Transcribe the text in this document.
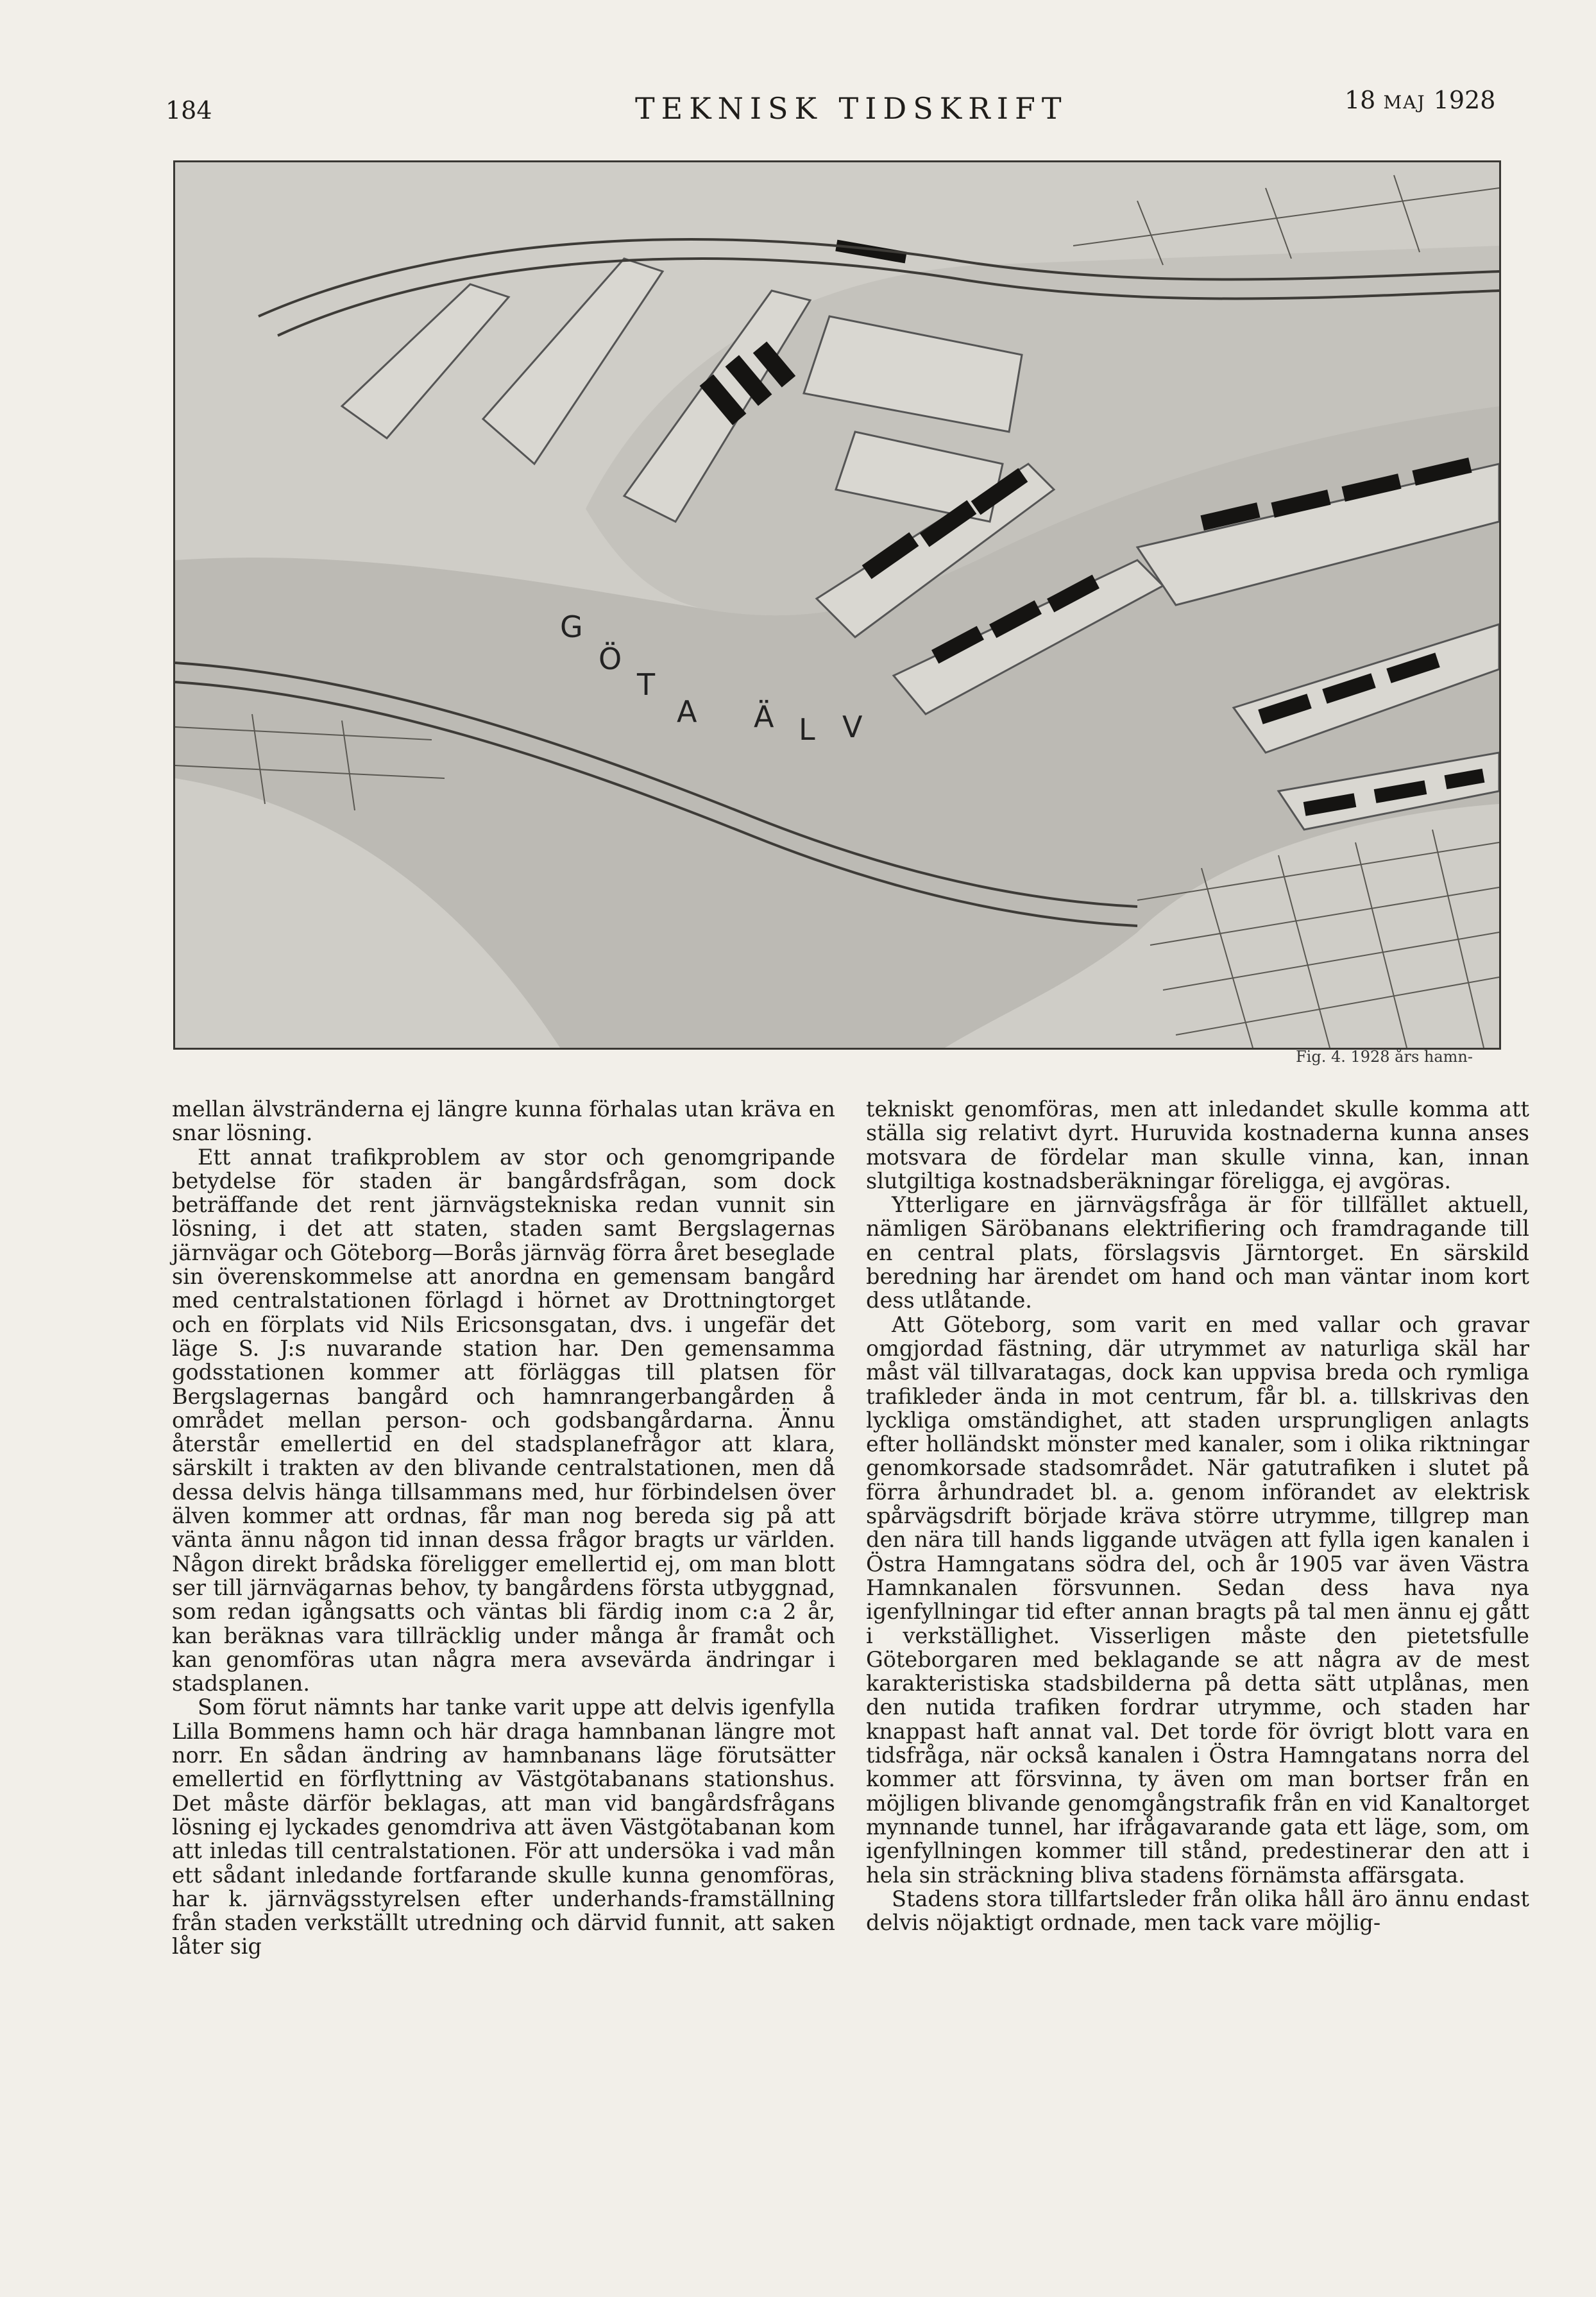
184	TEKNISK TIDSKRIFT	18 MAJ 1928
G
Ö
T
A Ä L V
Fig. 4. 1928 års hamn-

mellan älvstränderna ej längre kunna förhalas utan kräva en snar lösning.

Ett annat trafikproblem av stor och genomgripande betydelse för staden är bangårdsfrågan, som dock beträffande det rent järnvägstekniska redan vunnit sin lösning, i det att staten, staden samt Bergslagernas järnvägar och Göteborg—Borås järnväg förra året beseglade sin överenskommelse att anordna en gemensam bangård med centralstationen förlagd i hörnet av Drottningtorget och en förplats vid Nils Ericsonsgatan, dvs. i ungefär det läge S. J:s nuvarande station har. Den gemensamma godsstationen kommer att förläggas till platsen för Bergslagernas bangård och hamnrangerbangården å området mellan person- och godsbangårdarna. Ännu återstår emellertid en del stadsplanefrågor att klara, särskilt i trakten av den blivande centralstationen, men då dessa delvis hänga tillsammans med, hur förbindelsen över älven kommer att ordnas, får man nog bereda sig på att vänta ännu någon tid innan dessa frågor bragts ur världen. Någon direkt brådska föreligger emellertid ej, om man blott ser till järnvägarnas behov, ty bangårdens första utbyggnad, som redan igångsatts och väntas bli färdig inom c:a 2 år, kan beräknas vara tillräcklig under många år framåt och kan genomföras utan några mera avsevärda ändringar i stadsplanen.

Som förut nämnts har tanke varit uppe att delvis igenfylla Lilla Bommens hamn och här draga hamnbanan längre mot norr. En sådan ändring av hamnbanans läge förutsätter emellertid en förflyttning av Västgötabanans stationshus. Det måste därför beklagas, att man vid bangårdsfrågans lösning ej lyckades genomdriva att även Västgötabanan kom att inledas till centralstationen. För att undersöka i vad mån ett sådant inledande fortfarande skulle kunna genomföras, har k. järnvägsstyrelsen efter underhands-framställning från staden verkställt utredning och därvid funnit, att saken låter sig

tekniskt genomföras, men att inledandet skulle komma att ställa sig relativt dyrt. Huruvida kostnaderna kunna anses motsvara de fördelar man skulle vinna, kan, innan slutgiltiga kostnadsberäkningar föreligga, ej avgöras.

Ytterligare en järnvägsfråga är för tillfället aktuell, nämligen Säröbanans elektrifiering och framdragande till en central plats, förslagsvis Järntorget. En särskild beredning har ärendet om hand och man väntar inom kort dess utlåtande.

Att Göteborg, som varit en med vallar och gravar omgjordad fästning, där utrymmet av naturliga skäl har måst väl tillvaratagas, dock kan uppvisa breda och rymliga trafikleder ända in mot centrum, får bl. a. tillskrivas den lyckliga omständighet, att staden ursprungligen anlagts efter holländskt mönster med kanaler, som i olika riktningar genomkorsade stadsområdet. När gatutrafiken i slutet på förra århundradet bl. a. genom införandet av elektrisk spårvägsdrift började kräva större utrymme, tillgrep man den nära till hands liggande utvägen att fylla igen kanalen i Östra Hamngatans södra del, och år 1905 var även Västra Hamnkanalen försvunnen. Sedan dess hava nya igenfyllningar tid efter annan bragts på tal men ännu ej gått i verkställighet. Visserligen måste den pietetsfulle Göteborgaren med beklagande se att några av de mest karakteristiska stadsbilderna på detta sätt utplånas, men den nutida trafiken fordrar utrymme, och staden har knappast haft annat val. Det torde för övrigt blott vara en tidsfråga, när också kanalen i Östra Hamngatans norra del kommer att försvinna, ty även om man bortser från en möjligen blivande genomgångstrafik från en vid Kanaltorget mynnande tunnel, har ifrågavarande gata ett läge, som, om igenfyllningen kommer till stånd, predestinerar den att i hela sin sträckning bliva stadens förnämsta affärsgata.

Stadens stora tillfartsleder från olika håll äro ännu endast delvis nöjaktigt ordnade, men tack vare möjlig-
